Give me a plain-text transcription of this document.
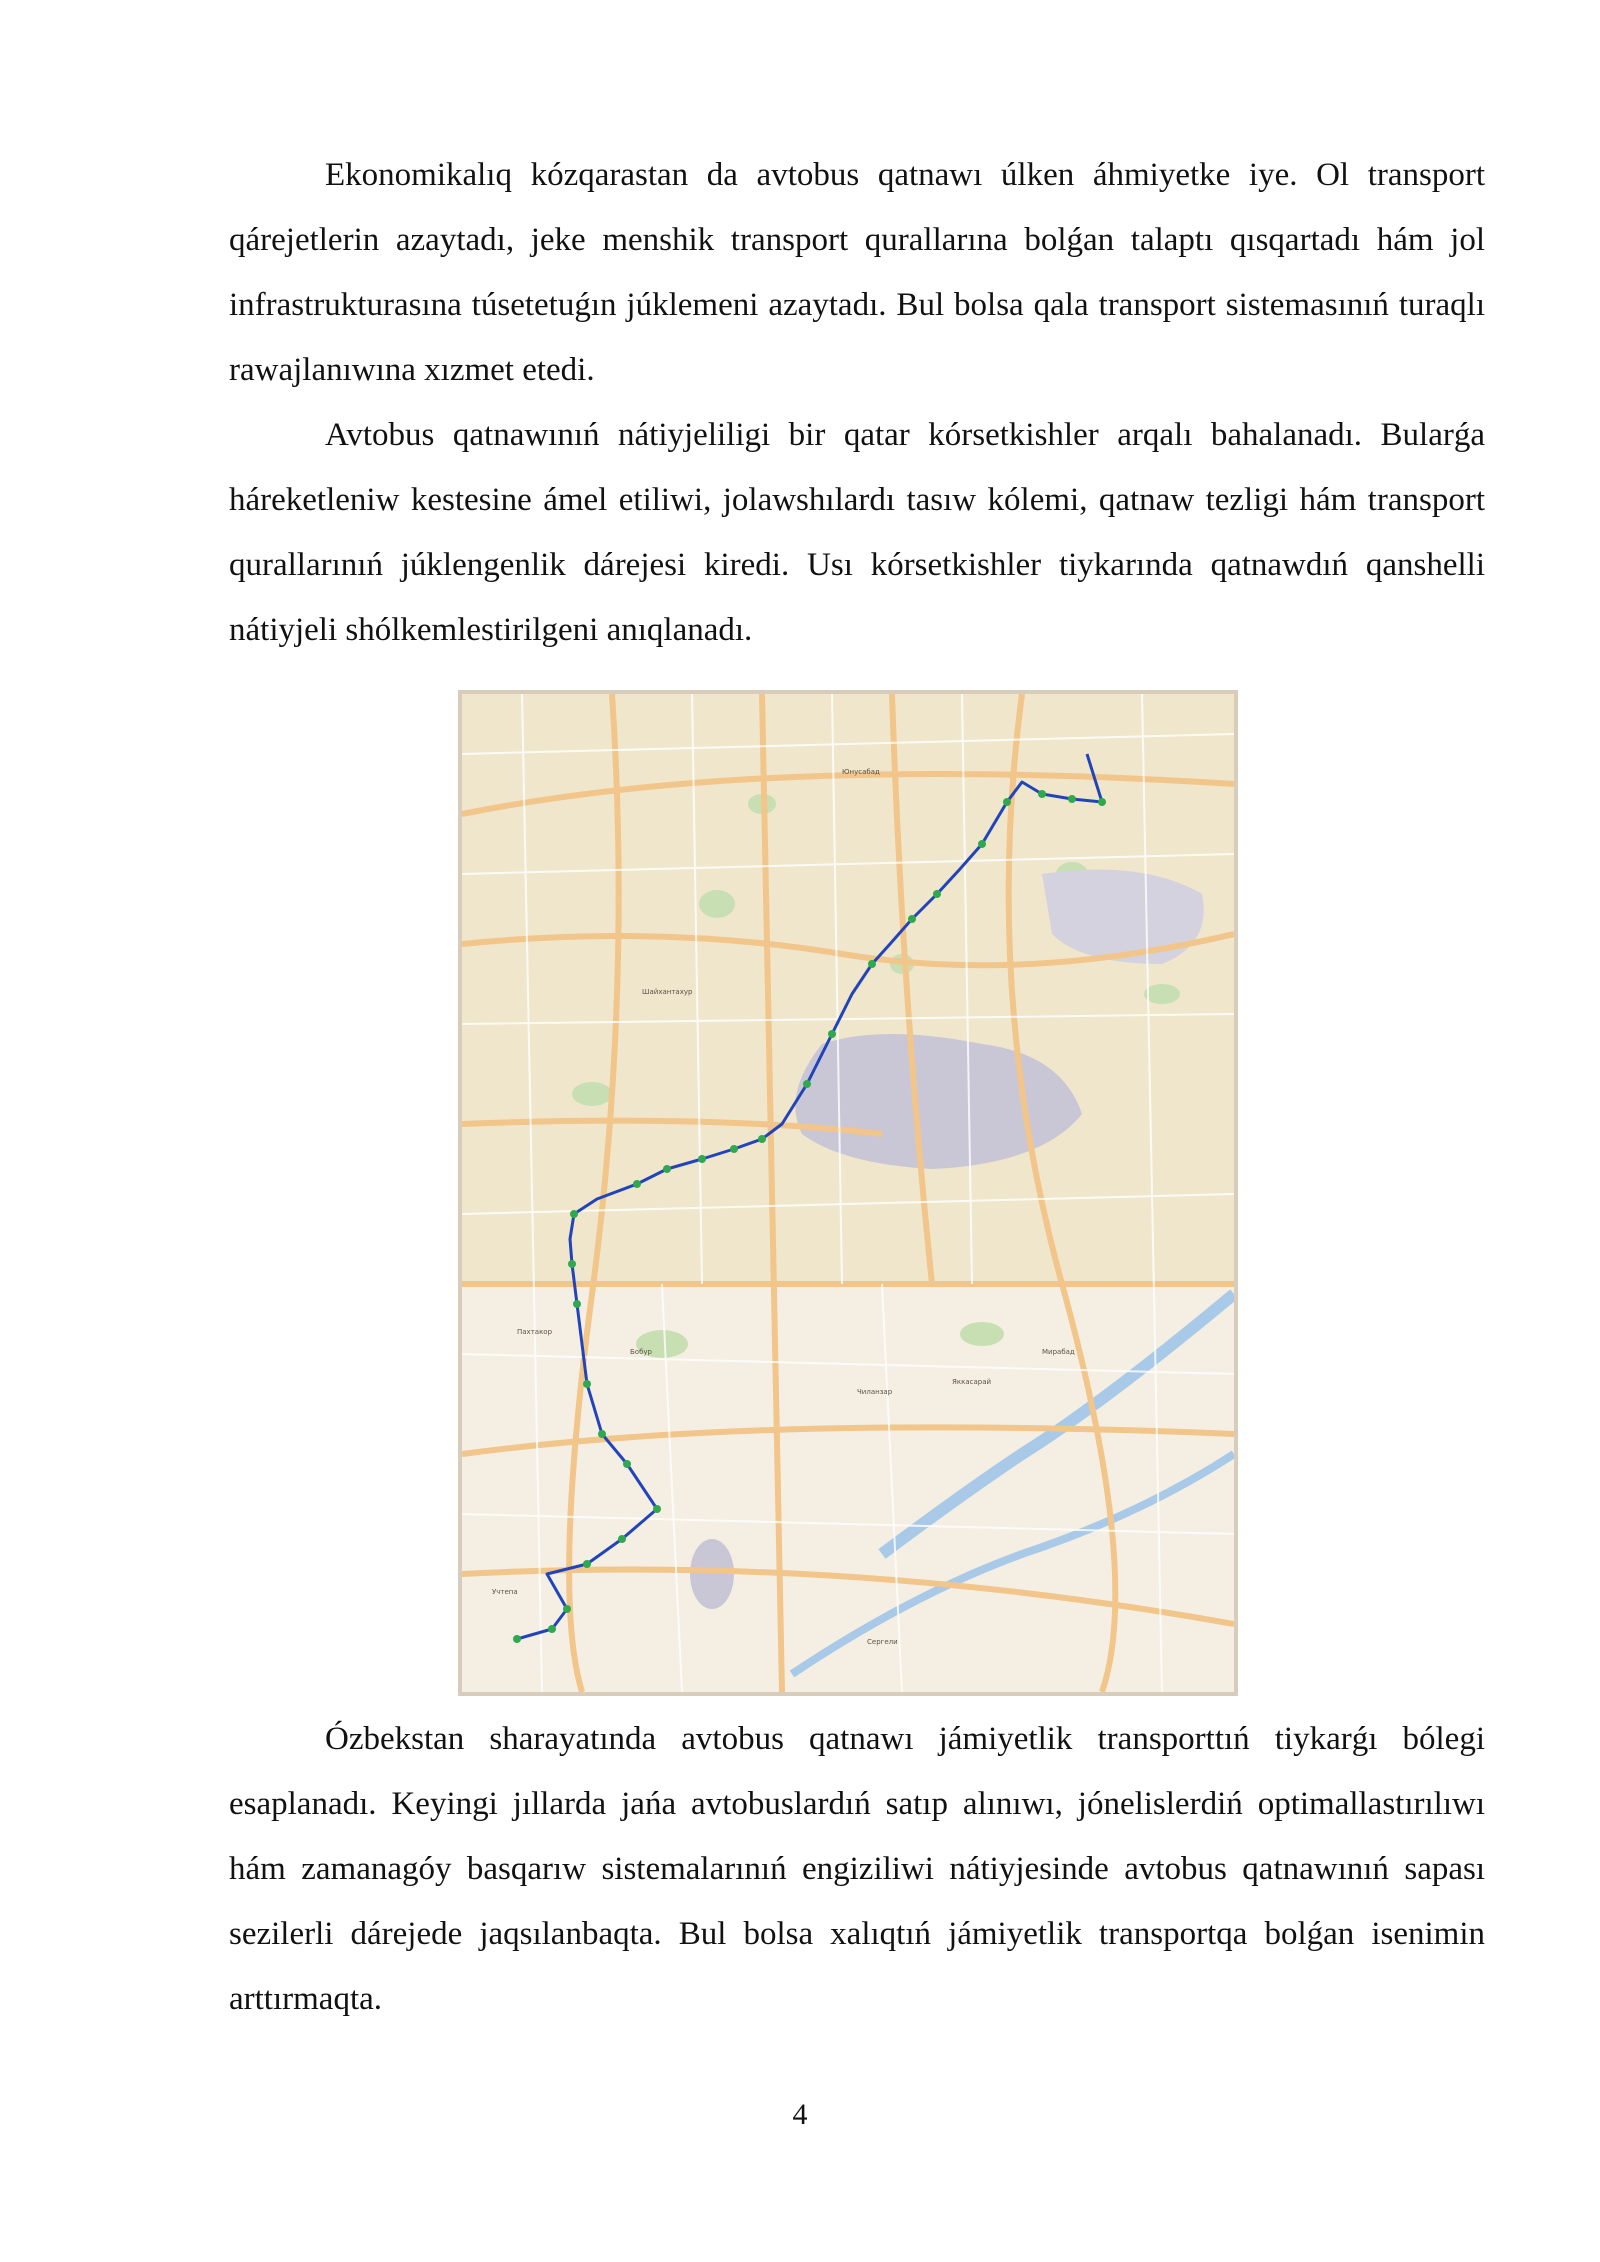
Ekonomikalıq kózqarastan da avtobus qatnawı úlken áhmiyetke iye. Ol transport qárejetlerin azaytadı, jeke menshik transport qurallarına bolǵan talaptı qısqartadı hám jol infrastrukturasına túsetetuǵın júklemeni azaytadı. Bul bolsa qala transport sistemasınıń turaqlı rawajlanıwına xızmet etedi.

Avtobus qatnawınıń nátiyjeliligi bir qatar kórsetkishler arqalı bahalanadı. Bularǵa háreketleniw kestesine ámel etiliwi, jolawshılardı tasıw kólemi, qatnaw tezligi hám transport qurallarınıń júklengenlik dárejesi kiredi. Usı kórsetkishler tiykarında qatnawdıń qanshelli nátiyjeli shólkemlestirilgeni anıqlanadı.

Пахтакор
Бобур
Чиланзар
Учтепа
Юнусабад
Мирабад
Яккасарай
Сергели
Шайхантахур

Ózbekstan sharayatında avtobus qatnawı jámiyetlik transporttıń tiykarǵı bólegi esaplanadı. Keyingi jıllarda jańa avtobuslardıń satıp alınıwı, jónelislerdiń optimallastırılıwı hám zamanagóy basqarıw sistemalarınıń engiziliwi nátiyjesinde avtobus qatnawınıń sapası sezilerli dárejede jaqsılanbaqta. Bul bolsa xalıqtıń jámiyetlik transportqa bolǵan isenimin arttırmaqta.

4
